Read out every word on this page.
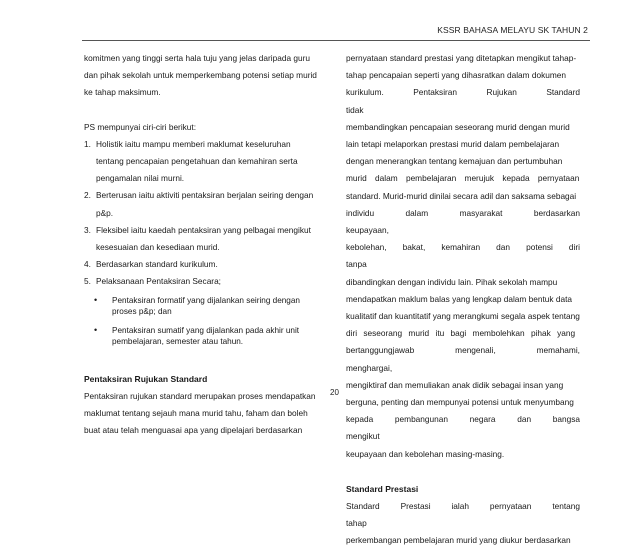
KSSR BAHASA MELAYU SK TAHUN 2

komitmen yang tinggi serta hala tuju yang jelas daripada guru

dan pihak sekolah untuk memperkembang potensi setiap murid

ke tahap maksimum.

PS mempunyai ciri-ciri berikut:

1. Holistik iaitu mampu memberi maklumat keseluruhan

tentang pencapaian pengetahuan dan kemahiran serta

pengamalan nilai murni.

2. Berterusan iaitu aktiviti pentaksiran berjalan seiring dengan

p&p.

3. Fleksibel iaitu kaedah pentaksiran yang pelbagai mengikut

kesesuaian dan kesediaan murid.

4. Berdasarkan standard kurikulum.

5. Pelaksanaan Pentaksiran Secara;

•	Pentaksiran formatif yang dijalankan seiring dengan
proses p&p; dan
•	Pentaksiran sumatif yang dijalankan pada akhir unit
pembelajaran, semester atau tahun.

Pentaksiran Rujukan Standard

Pentaksiran rujukan standard merupakan proses mendapatkan

maklumat tentang sejauh mana murid tahu, faham dan boleh

buat atau telah menguasai apa yang dipelajari berdasarkan

pernyataan standard prestasi yang ditetapkan mengikut tahap-

tahap pencapaian seperti yang dihasratkan dalam dokumen

kurikulum. Pentaksiran Rujukan Standard tidak

membandingkan pencapaian seseorang murid dengan murid

lain tetapi melaporkan prestasi murid dalam pembelajaran

dengan menerangkan tentang kemajuan dan pertumbuhan

murid dalam pembelajaran merujuk kepada pernyataan

standard. Murid-murid dinilai secara adil dan saksama sebagai

individu dalam masyarakat berdasarkan keupayaan,

kebolehan, bakat, kemahiran dan potensi diri tanpa

dibandingkan dengan individu lain. Pihak sekolah mampu

mendapatkan maklum balas yang lengkap dalam bentuk data

kualitatif dan kuantitatif yang merangkumi segala aspek tentang

diri seseorang murid itu bagi membolehkan pihak yang

bertanggungjawab mengenali, memahami, menghargai,

mengiktiraf dan memuliakan anak didik sebagai insan yang

berguna, penting dan mempunyai potensi untuk menyumbang

kepada pembangunan negara dan bangsa mengikut

keupayaan dan kebolehan masing-masing.

Standard Prestasi

Standard Prestasi ialah pernyataan tentang tahap

perkembangan pembelajaran murid yang diukur berdasarkan

20
